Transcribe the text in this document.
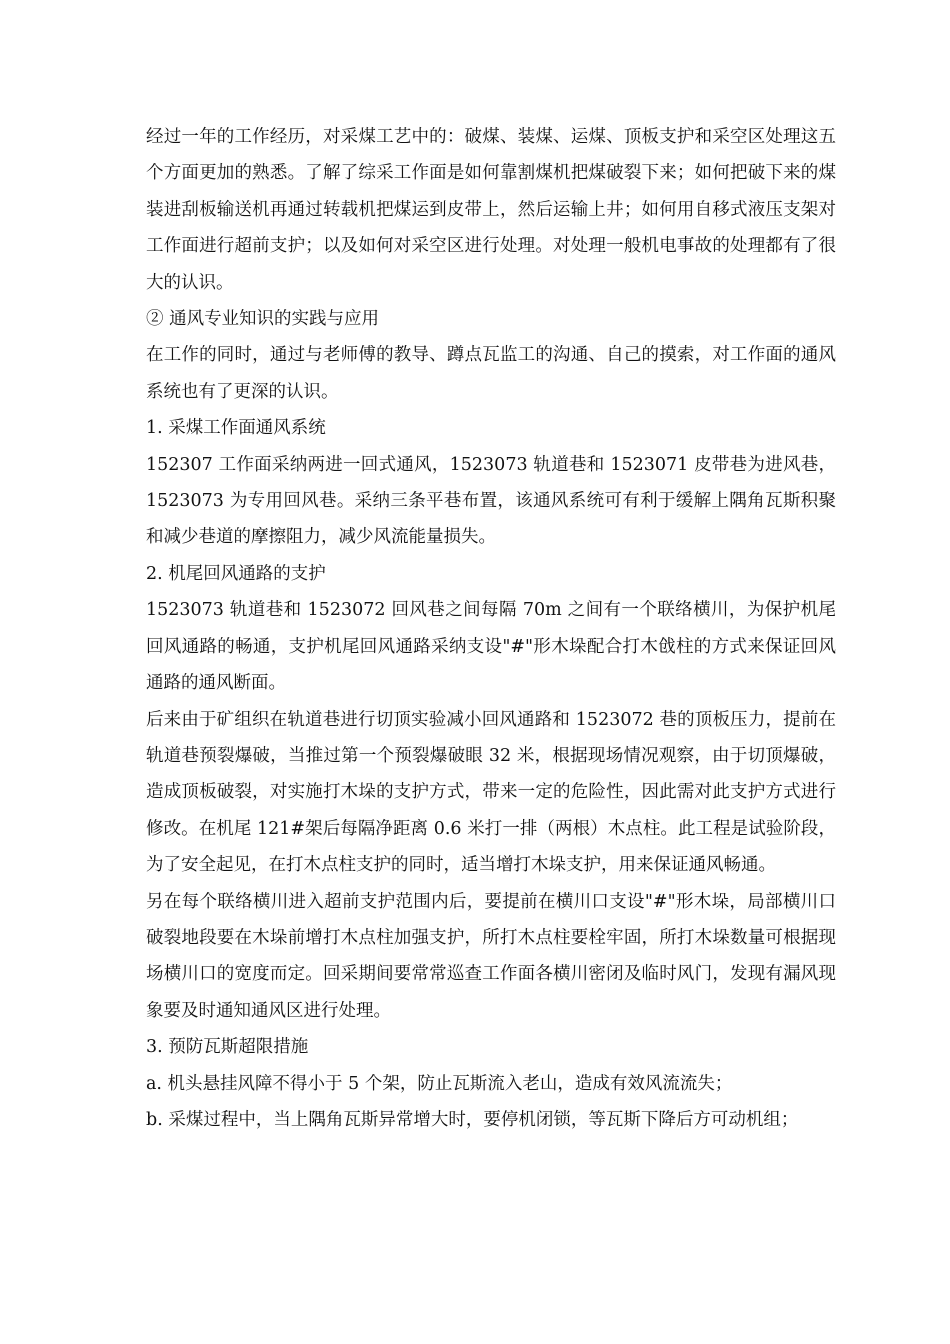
经过一年的工作经历，对采煤工艺中的：破煤、装煤、运煤、顶板支护和采空区处理这五个方面更加的熟悉。了解了综采工作面是如何靠割煤机把煤破裂下来；如何把破下来的煤装进刮板输送机再通过转载机把煤运到皮带上，然后运输上井；如何用自移式液压支架对工作面进行超前支护；以及如何对采空区进行处理。对处理一般机电事故的处理都有了很大的认识。

② 通风专业知识的实践与应用

在工作的同时，通过与老师傅的教导、蹲点瓦监工的沟通、自己的摸索，对工作面的通风系统也有了更深的认识。

1. 采煤工作面通风系统

152307 工作面采纳两进一回式通风，1523073 轨道巷和 1523071 皮带巷为进风巷，1523073 为专用回风巷。采纳三条平巷布置，该通风系统可有利于缓解上隅角瓦斯积聚和减少巷道的摩擦阻力，减少风流能量损失。

2. 机尾回风通路的支护

1523073 轨道巷和 1523072 回风巷之间每隔 70m 之间有一个联络横川，为保护机尾回风通路的畅通，支护机尾回风通路采纳支设"#"形木垛配合打木戗柱的方式来保证回风通路的通风断面。

后来由于矿组织在轨道巷进行切顶实验减小回风通路和 1523072 巷的顶板压力，提前在轨道巷预裂爆破，当推过第一个预裂爆破眼 32 米，根据现场情况观察，由于切顶爆破，造成顶板破裂，对实施打木垛的支护方式，带来一定的危险性，因此需对此支护方式进行修改。在机尾 121#架后每隔净距离 0.6 米打一排（两根）木点柱。此工程是试验阶段，为了安全起见，在打木点柱支护的同时，适当增打木垛支护，用来保证通风畅通。

另在每个联络横川进入超前支护范围内后，要提前在横川口支设"#"形木垛，局部横川口破裂地段要在木垛前增打木点柱加强支护，所打木点柱要栓牢固，所打木垛数量可根据现场横川口的宽度而定。回采期间要常常巡查工作面各横川密闭及临时风门，发现有漏风现象要及时通知通风区进行处理。

3. 预防瓦斯超限措施

a. 机头悬挂风障不得小于 5 个架，防止瓦斯流入老山，造成有效风流流失；

b. 采煤过程中，当上隅角瓦斯异常增大时，要停机闭锁，等瓦斯下降后方可动机组；
